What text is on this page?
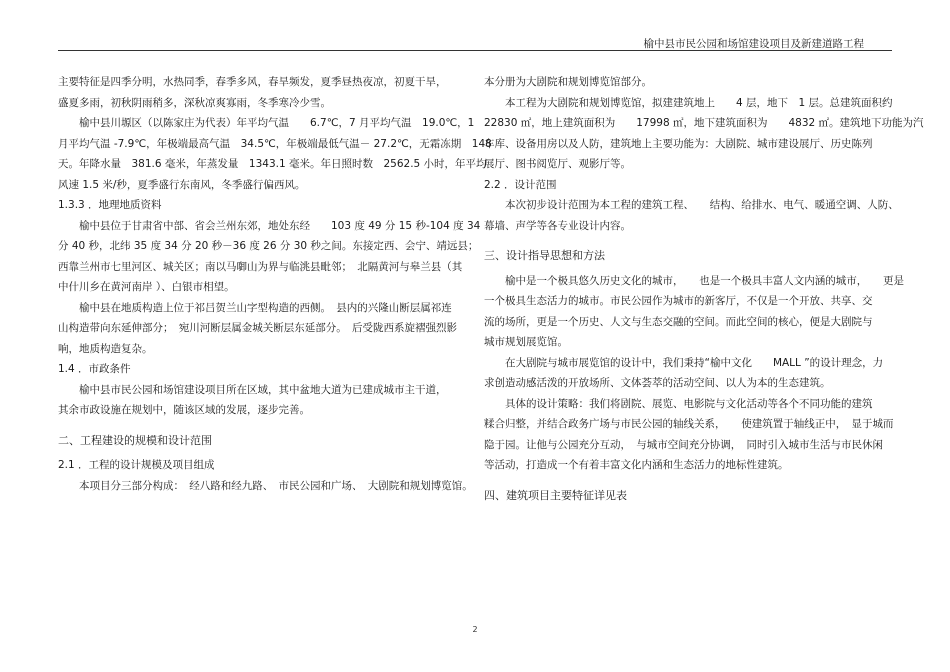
榆中县市民公园和场馆建设项目及新建道路工程
主要特征是四季分明，水热同季，春季多风，春旱频发，夏季昼热夜凉，初夏干旱，
盛夏多雨，初秋阴雨稍多，深秋凉爽寡雨，冬季寒冷少雪。
榆中县川塬区（以陈家庄为代表）年平均气温　　6.7℃，7 月平均气温　19.0℃，1
月平均气温 -7.9℃，年极端最高气温　34.5℃，年极端最低气温－ 27.2℃，无霜冻期　148
天。年降水量　381.6 毫米，年蒸发量　1343.1 毫米。年日照时数　2562.5 小时，年平均
风速 1.5 米/秒，夏季盛行东南风，冬季盛行偏西风。
1.3.3 ．地理地质资料
榆中县位于甘肃省中部、省会兰州东郊，地处东经　　103 度 49 分 15 秒-104 度 34
分 40 秒，北纬 35 度 34 分 20 秒－36 度 26 分 30 秒之间。东接定西、会宁、靖远县；
西靠兰州市七里河区、城关区；南以马啣山为界与临洮县毗邻；　北隔黄河与皋兰县（其
中什川乡在黄河南岸 ）、白银市相望。
榆中县在地质构造上位于祁吕贺兰山字型构造的西侧。　县内的兴隆山断层属祁连
山构造带向东延伸部分；　宛川河断层属金城关断层东延部分。　后受陇西系旋褶强烈影
响，地质构造复杂。
1.4 ．市政条件
榆中县市民公园和场馆建设项目所在区域，其中盆地大道为已建成城市主干道，
其余市政设施在规划中，随该区域的发展，逐步完善。
二、工程建设的规模和设计范围
2.1 ．工程的设计规模及项目组成
本项目分三部分构成：　经八路和经九路、　市民公园和广场、　大剧院和规划博览馆。
本分册为大剧院和规划博览馆部分。
本工程为大剧院和规划博览馆，拟建建筑地上　　4 层，地下　1 层。总建筑面积约
22830 ㎡，地上建筑面积为　　17998 ㎡，地下建筑面积为　　4832 ㎡。建筑地下功能为汽
车库、设备用房以及人防，建筑地上主要功能为：大剧院、城市建设展厅、历史陈列
展厅、图书阅览厅、观影厅等。
2.2 ．设计范围
本次初步设计范围为本工程的建筑工程、　　结构、给排水、电气、暖通空调、人防、
幕墙、声学等各专业设计内容。
三、设计指导思想和方法
榆中是一个极具悠久历史文化的城市，　　也是一个极具丰富人文内涵的城市，　　更是
一个极具生态活力的城市。市民公园作为城市的新客厅，不仅是一个开放、共享、交
流的场所，更是一个历史、人文与生态交融的空间。而此空间的核心，便是大剧院与
城市规划展览馆。
在大剧院与城市展览馆的设计中，我们秉持“榆中文化　　MALL ”的设计理念，力
求创造动感活泼的开放场所、文体荟萃的活动空间、以人为本的生态建筑。
具体的设计策略：我们将剧院、展览、电影院与文化活动等各个不同功能的建筑
糅合归整，并结合政务广场与市民公园的轴线关系，　　使建筑置于轴线正中，　显于城而
隐于园。让他与公园充分互动，　与城市空间充分协调，　同时引入城市生活与市民休闲
等活动，打造成一个有着丰富文化内涵和生态活力的地标性建筑。
四、建筑项目主要特征详见表
2
